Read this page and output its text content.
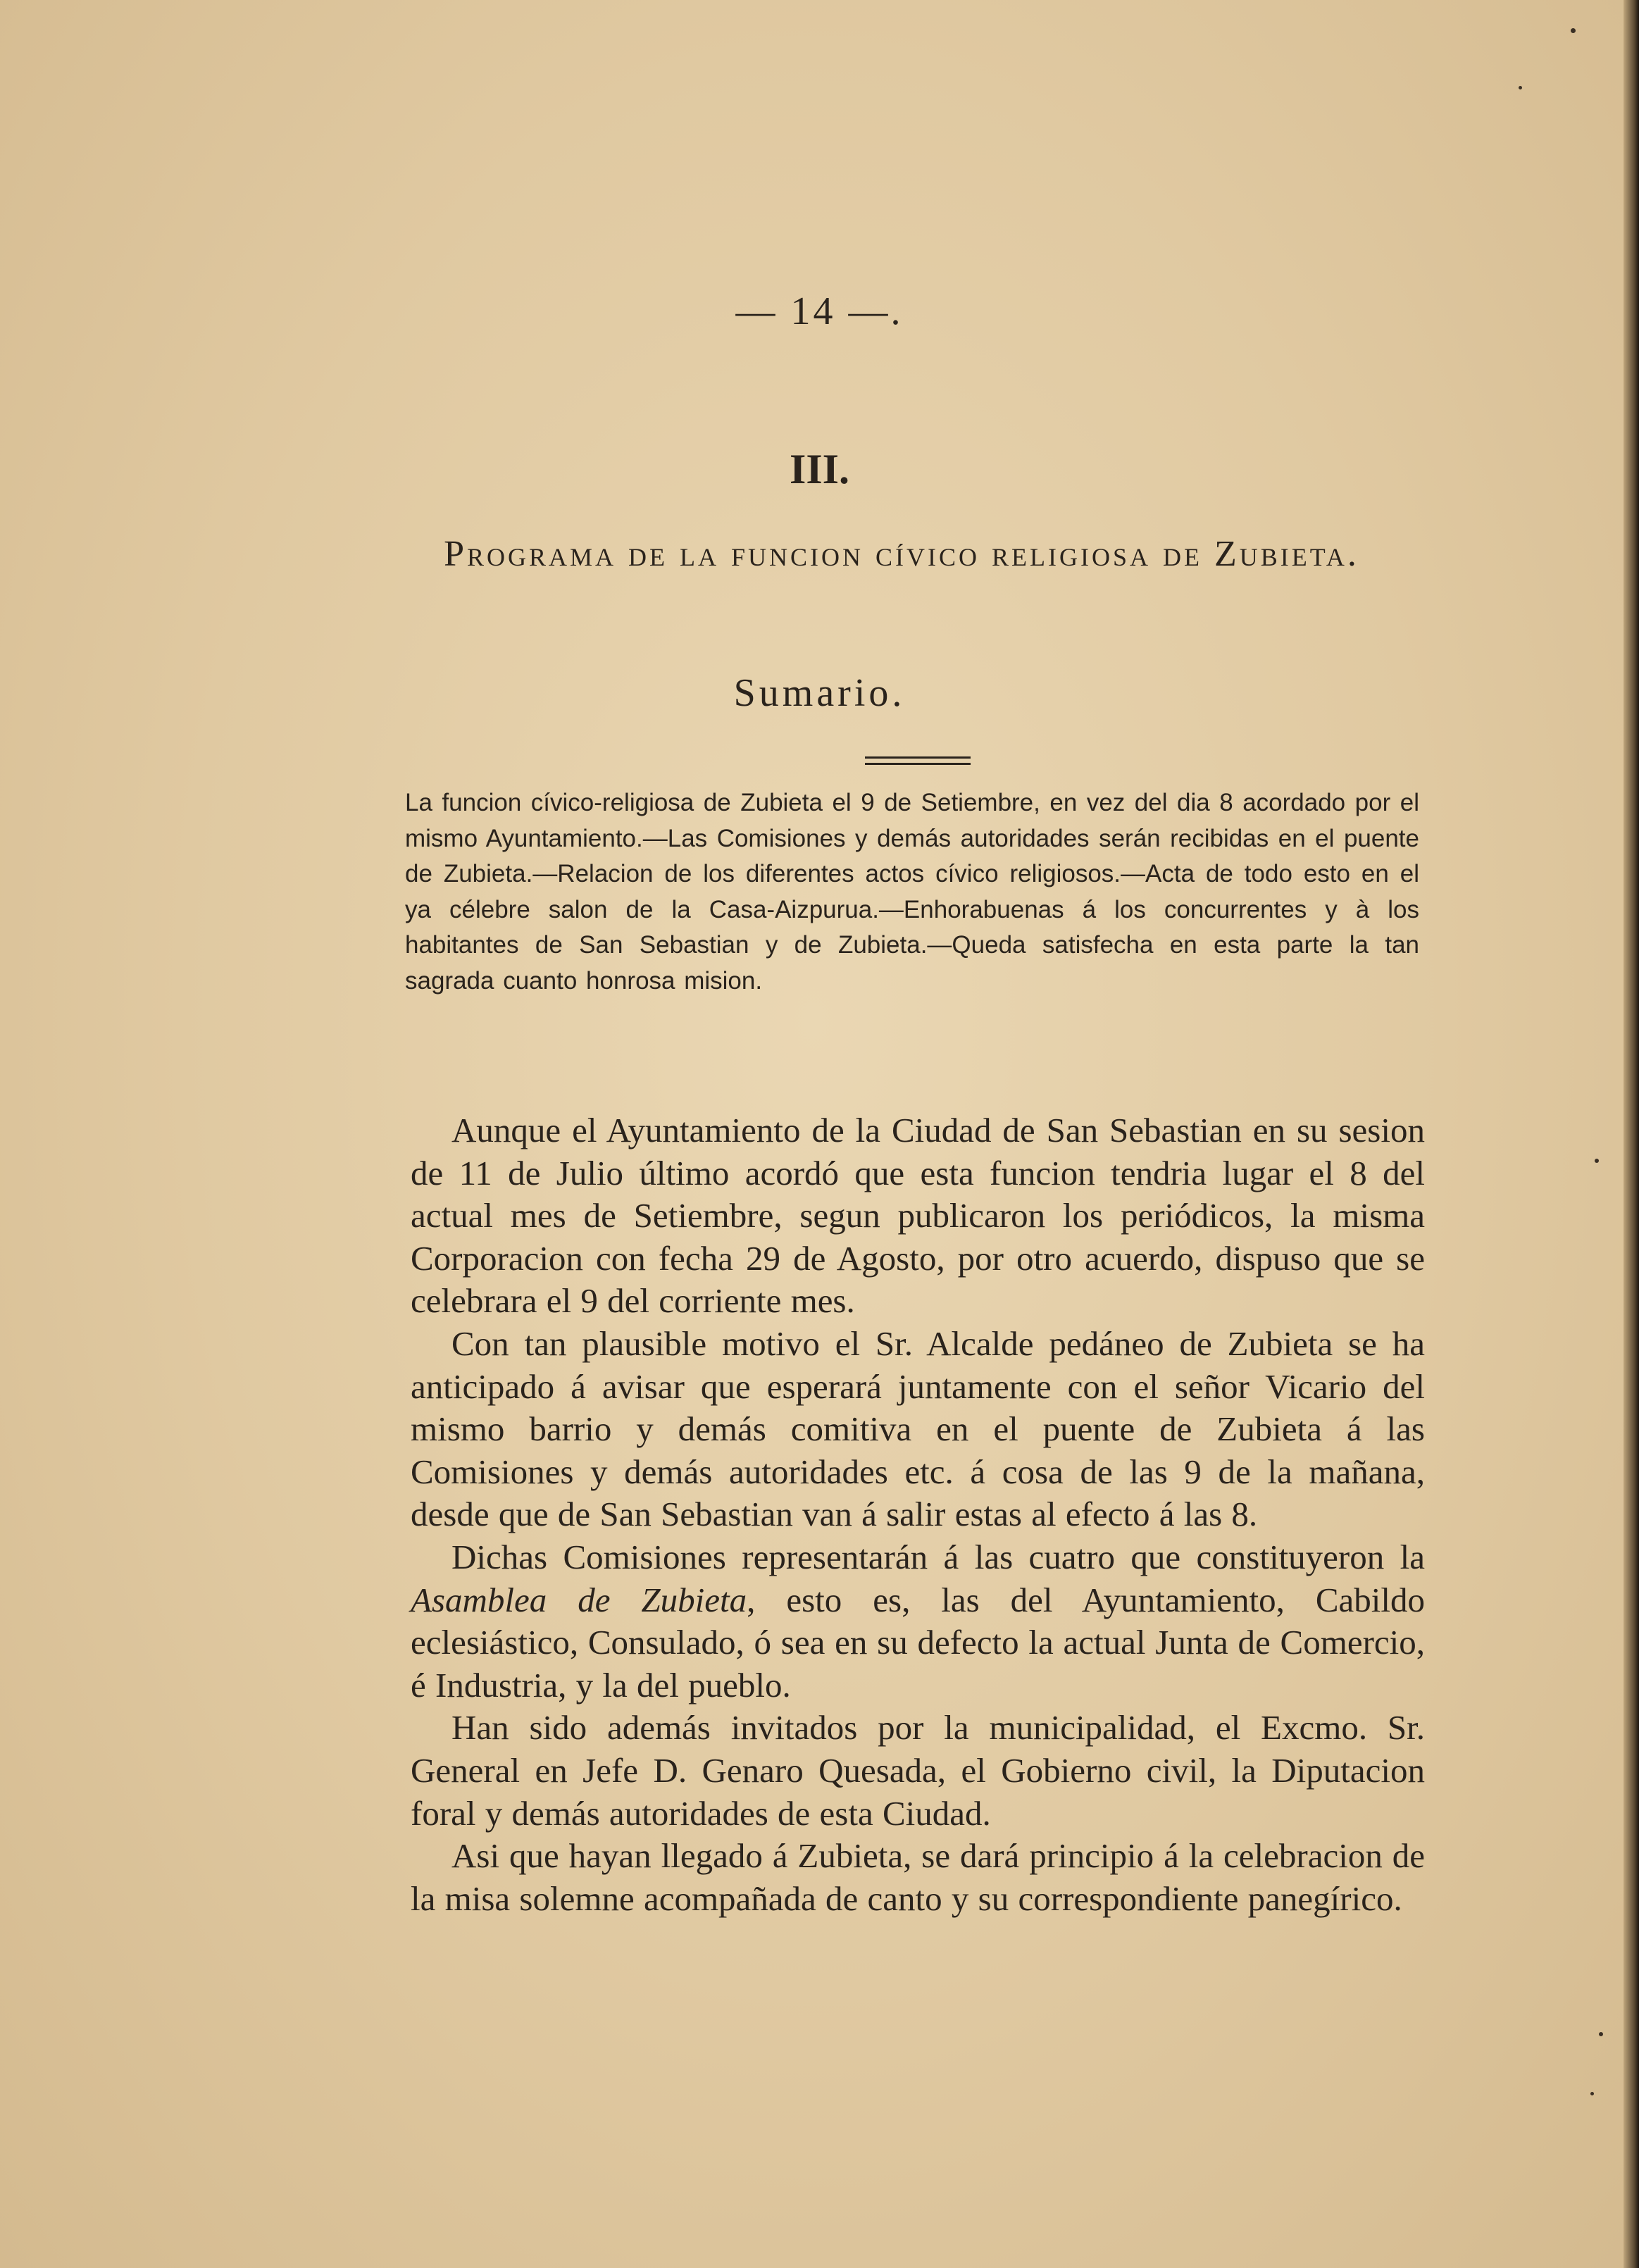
— 14 —.
III.
Programa de la funcion cívico religiosa de Zubieta.
Sumario.
La funcion cívico-religiosa de Zubieta el 9 de Setiembre, en vez del dia 8 acordado por el mismo Ayuntamiento.—Las Comisiones y demás autoridades serán recibidas en el puente de Zubieta.—Relacion de los diferentes actos cívico religiosos.—Acta de todo esto en el ya célebre salon de la Casa-Aizpurua.—Enhorabuenas á los concurrentes y à los habitantes de San Sebastian y de Zubieta.—Queda satisfecha en esta parte la tan sagrada cuanto honrosa mision.

Aunque el Ayuntamiento de la Ciudad de San Sebastian en su sesion de 11 de Julio último acordó que esta funcion tendria lugar el 8 del actual mes de Setiembre, segun publicaron los periódicos, la misma Corporacion con fecha 29 de Agosto, por otro acuerdo, dispuso que se celebrara el 9 del corriente mes.

Con tan plausible motivo el Sr. Alcalde pedáneo de Zubieta se ha anticipado á avisar que esperará juntamente con el señor Vicario del mismo barrio y demás comitiva en el puente de Zubieta á las Comisiones y demás autoridades etc. á cosa de las 9 de la mañana, desde que de San Sebastian van á salir estas al efecto á las 8.

Dichas Comisiones representarán á las cuatro que constituyeron la Asamblea de Zubieta, esto es, las del Ayuntamiento, Cabildo eclesiástico, Consulado, ó sea en su defecto la actual Junta de Comercio, é Industria, y la del pueblo.

Han sido además invitados por la municipalidad, el Excmo. Sr. General en Jefe D. Genaro Quesada, el Gobierno civil, la Diputacion foral y demás autoridades de esta Ciudad.

Asi que hayan llegado á Zubieta, se dará principio á la celebracion de la misa solemne acompañada de canto y su correspondiente panegírico.
